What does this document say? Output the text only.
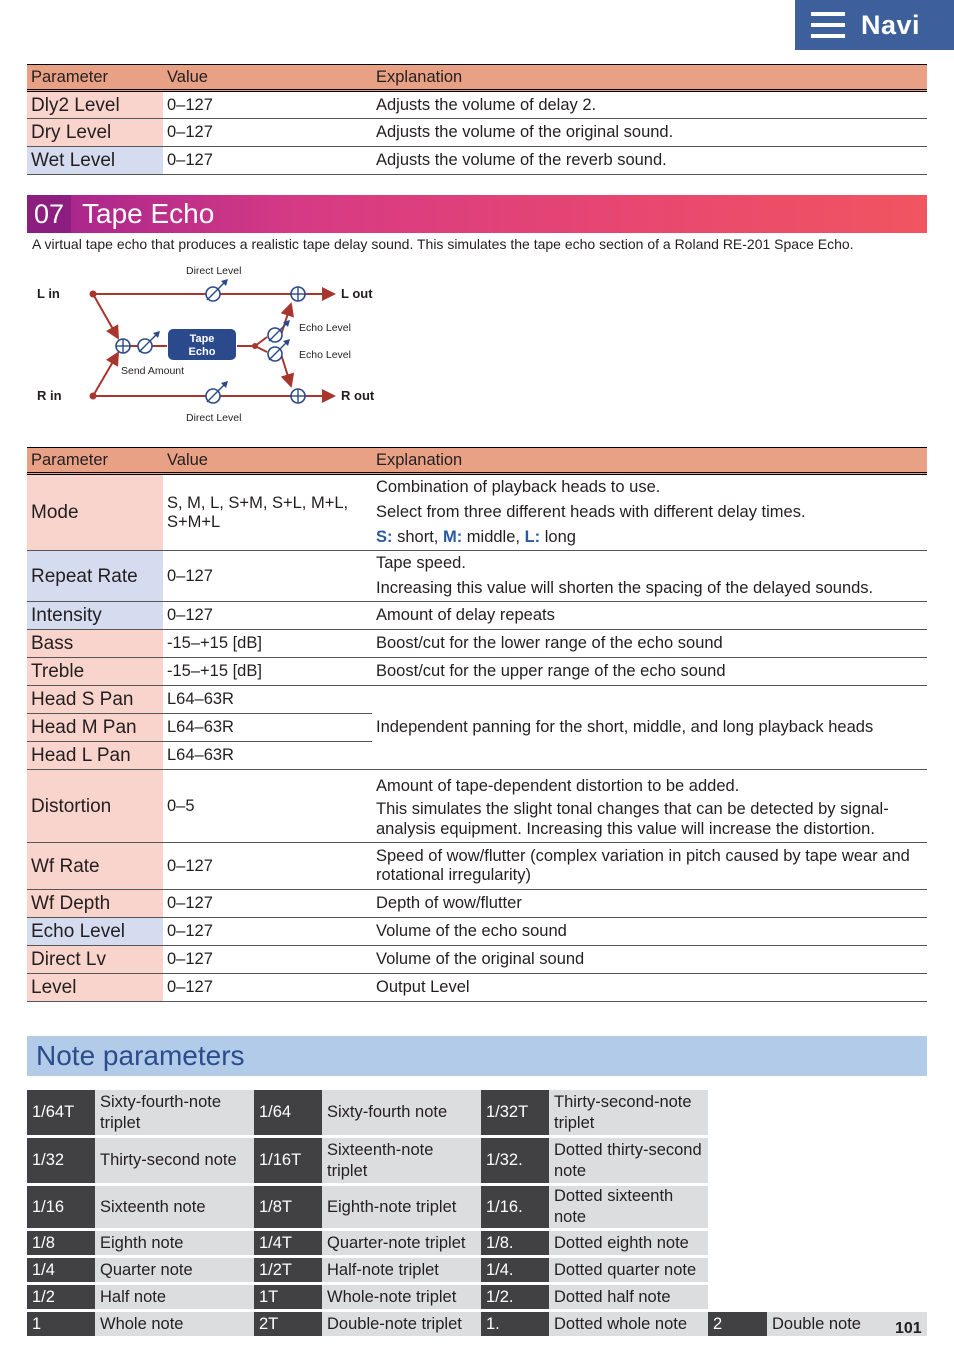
Navi
Parameter	Value	Explanation
Dly2 Level	0–127	Adjusts the volume of delay 2.
Dry Level	0–127	Adjusts the volume of the original sound.
Wet Level	0–127	Adjusts the volume of the reverb sound.
07 Tape Echo
A virtual tape echo that produces a realistic tape delay sound. This simulates the tape echo section of a Roland RE-201 Space Echo.
Tape
Echo
L in
R in
L out
R out
Direct Level
Direct Level
Echo Level
Echo Level
Send Amount
Parameter	Value	Explanation
Mode	S, M, L, S+M, S+L, M+L, S+M+L	Combination of playback heads to use.
Select from three different heads with different delay times.
S: short, M: middle, L: long

Repeat Rate	0–127	Tape speed.
Increasing this value will shorten the spacing of the delayed sounds.

Intensity	0–127	Amount of delay repeats
Bass	-15–+15 [dB]	Boost/cut for the lower range of the echo sound
Treble	-15–+15 [dB]	Boost/cut for the upper range of the echo sound
Head S Pan	L64–63R	Independent panning for the short, middle, and long playback heads
Head M Pan	L64–63R	
Head L Pan	L64–63R	
Distortion	0–5	Amount of tape-dependent distortion to be added.
This simulates the slight tonal changes that can be detected by signal-analysis equipment. Increasing this value will increase the distortion.

Wf Rate	0–127	Speed of wow/flutter (complex variation in pitch caused by tape wear and rotational irregularity)
Wf Depth	0–127	Depth of wow/flutter
Echo Level	0–127	Volume of the echo sound
Direct Lv	0–127	Volume of the original sound
Level	0–127	Output Level
Note parameters
1/64T	Sixty-fourth-note triplet	1/64	Sixty-fourth note	1/32T	Thirty-second-note triplet		
1/32	Thirty-second note	1/16T	Sixteenth-note triplet	1/32.	Dotted thirty-second note		
1/16	Sixteenth note	1/8T	Eighth-note triplet	1/16.	Dotted sixteenth note		
1/8	Eighth note	1/4T	Quarter-note triplet	1/8.	Dotted eighth note		
1/4	Quarter note	1/2T	Half-note triplet	1/4.	Dotted quarter note		
1/2	Half note	1T	Whole-note triplet	1/2.	Dotted half note		
1	Whole note	2T	Double-note triplet	1.	Dotted whole note	2	Double note 101
